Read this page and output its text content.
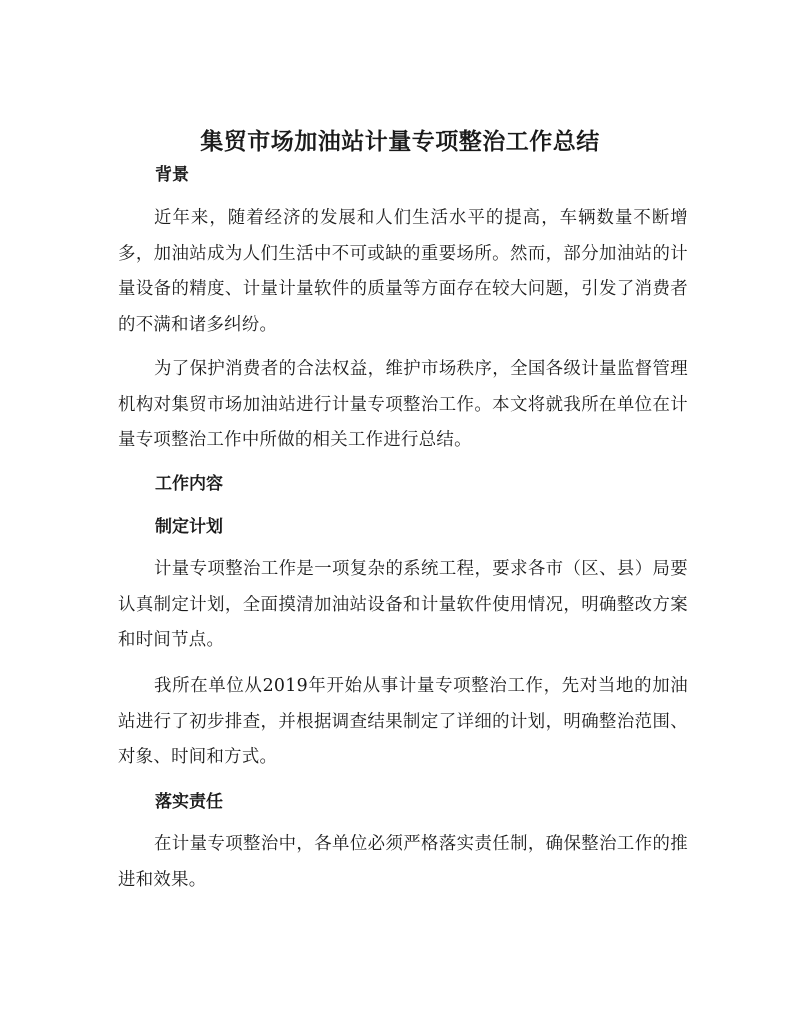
集贸市场加油站计量专项整治工作总结
背景

近年来，随着经济的发展和人们生活水平的提高，车辆数量不断增多，加油站成为人们生活中不可或缺的重要场所。然而，部分加油站的计量设备的精度、计量计量软件的质量等方面存在较大问题，引发了消费者的不满和诸多纠纷。

为了保护消费者的合法权益，维护市场秩序，全国各级计量监督管理机构对集贸市场加油站进行计量专项整治工作。本文将就我所在单位在计量专项整治工作中所做的相关工作进行总结。

工作内容
制定计划

计量专项整治工作是一项复杂的系统工程，要求各市（区、县）局要认真制定计划，全面摸清加油站设备和计量软件使用情况，明确整改方案和时间节点。

我所在单位从2019年开始从事计量专项整治工作，先对当地的加油站进行了初步排查，并根据调查结果制定了详细的计划，明确整治范围、对象、时间和方式。

落实责任

在计量专项整治中，各单位必须严格落实责任制，确保整治工作的推进和效果。
